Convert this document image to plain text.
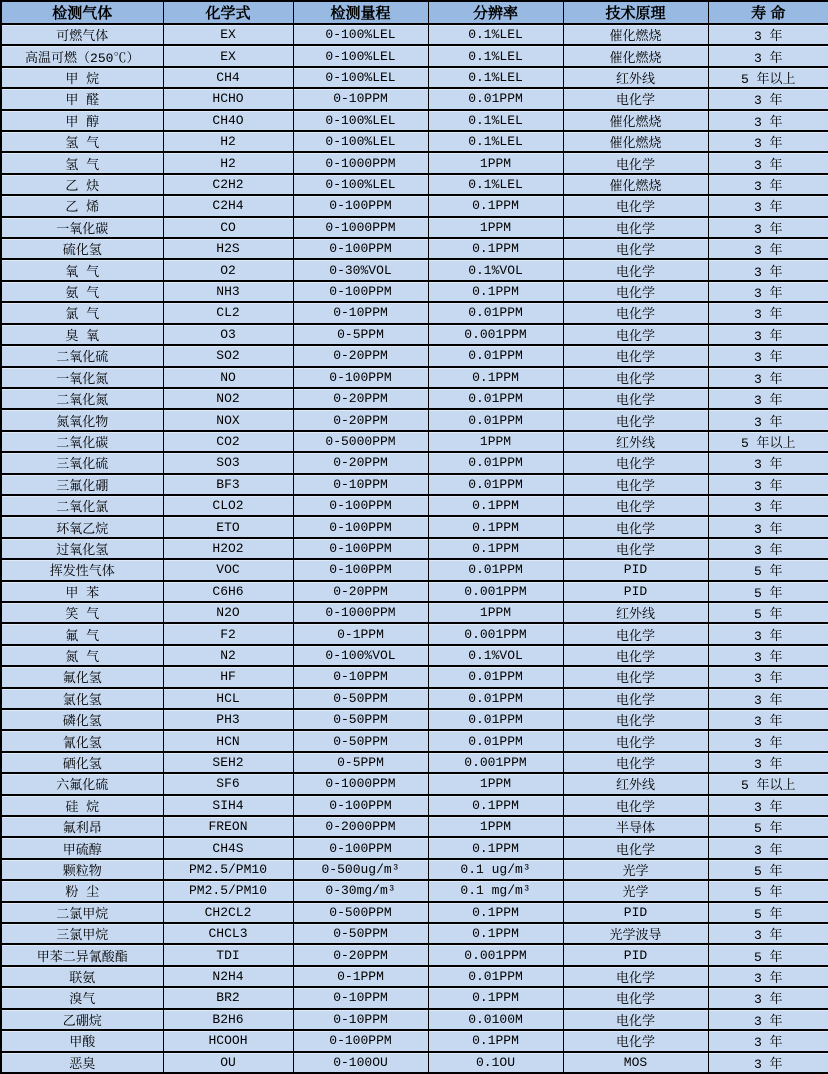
检测气体	化学式	检测量程	分辨率	技术原理	寿 命
可燃气体	EX	0-100%LEL	0.1%LEL	催化燃烧	3 年
高温可燃（250℃）	EX	0-100%LEL	0.1%LEL	催化燃烧	3 年
甲 烷	CH4	0-100%LEL	0.1%LEL	红外线	5 年以上
甲 醛	HCHO	0-10PPM	0.01PPM	电化学	3 年
甲 醇	CH4O	0-100%LEL	0.1%LEL	催化燃烧	3 年
氢 气	H2	0-100%LEL	0.1%LEL	催化燃烧	3 年
氢 气	H2	0-1000PPM	1PPM	电化学	3 年
乙 炔	C2H2	0-100%LEL	0.1%LEL	催化燃烧	3 年
乙 烯	C2H4	0-100PPM	0.1PPM	电化学	3 年
一氧化碳	CO	0-1000PPM	1PPM	电化学	3 年
硫化氢	H2S	0-100PPM	0.1PPM	电化学	3 年
氧 气	O2	0-30%VOL	0.1%VOL	电化学	3 年
氨 气	NH3	0-100PPM	0.1PPM	电化学	3 年
氯 气	CL2	0-10PPM	0.01PPM	电化学	3 年
臭 氧	O3	0-5PPM	0.001PPM	电化学	3 年
二氧化硫	SO2	0-20PPM	0.01PPM	电化学	3 年
一氧化氮	NO	0-100PPM	0.1PPM	电化学	3 年
二氧化氮	NO2	0-20PPM	0.01PPM	电化学	3 年
氮氧化物	NOX	0-20PPM	0.01PPM	电化学	3 年
二氧化碳	CO2	0-5000PPM	1PPM	红外线	5 年以上
三氧化硫	SO3	0-20PPM	0.01PPM	电化学	3 年
三氟化硼	BF3	0-10PPM	0.01PPM	电化学	3 年
二氧化氯	CLO2	0-100PPM	0.1PPM	电化学	3 年
环氧乙烷	ETO	0-100PPM	0.1PPM	电化学	3 年
过氧化氢	H2O2	0-100PPM	0.1PPM	电化学	3 年
挥发性气体	VOC	0-100PPM	0.01PPM	PID	5 年
甲 苯	C6H6	0-20PPM	0.001PPM	PID	5 年
笑 气	N2O	0-1000PPM	1PPM	红外线	5 年
氟 气	F2	0-1PPM	0.001PPM	电化学	3 年
氮 气	N2	0-100%VOL	0.1%VOL	电化学	3 年
氟化氢	HF	0-10PPM	0.01PPM	电化学	3 年
氯化氢	HCL	0-50PPM	0.01PPM	电化学	3 年
磷化氢	PH3	0-50PPM	0.01PPM	电化学	3 年
氰化氢	HCN	0-50PPM	0.01PPM	电化学	3 年
硒化氢	SEH2	0-5PPM	0.001PPM	电化学	3 年
六氟化硫	SF6	0-1000PPM	1PPM	红外线	5 年以上
硅 烷	SIH4	0-100PPM	0.1PPM	电化学	3 年
氟利昂	FREON	0-2000PPM	1PPM	半导体	5 年
甲硫醇	CH4S	0-100PPM	0.1PPM	电化学	3 年
颗粒物	PM2.5/PM10	0-500ug/m³	0.1 ug/m³	光学	5 年
粉 尘	PM2.5/PM10	0-30mg/m³	0.1 mg/m³	光学	5 年
二氯甲烷	CH2CL2	0-500PPM	0.1PPM	PID	5 年
三氯甲烷	CHCL3	0-50PPM	0.1PPM	光学波导	3 年
甲苯二异氰酸酯	TDI	0-20PPM	0.001PPM	PID	5 年
联氨	N2H4	0-1PPM	0.01PPM	电化学	3 年
溴气	BR2	0-10PPM	0.1PPM	电化学	3 年
乙硼烷	B2H6	0-10PPM	0.0100M	电化学	3 年
甲酸	HCOOH	0-100PPM	0.1PPM	电化学	3 年
恶臭	OU	0-100OU	0.1OU	MOS	3 年
